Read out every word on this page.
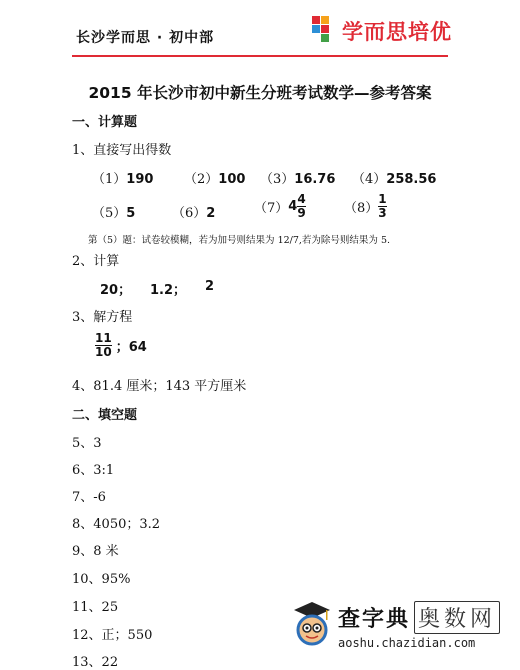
长沙学而思 · 初中部	学而思培优
2015 年长沙市初中新生分班考试数学—参考答案
一、计算题
1、直接写出得数
（1）190 （2）100 （3）16.76 （4）258.56
（5）5	（6）2	（7） $4 \frac{4}{9}$	$(8) \frac{1}{3}$
第（5）题：试卷较模糊，若为加号则结果为 12/7,若为除号则结果为 5.
2、计算
20； 1.2； 2
3、解方程
$\frac{11}{10}$ ；64
4、81.4 厘米；143 平方厘米
二、填空题
5、3
6、3:1
7、-6
8、4050；3.2
9、8 米
10、95%
11、25
12、正；550
13、22
查字典 奥数网
aoshu.chazidian.com
